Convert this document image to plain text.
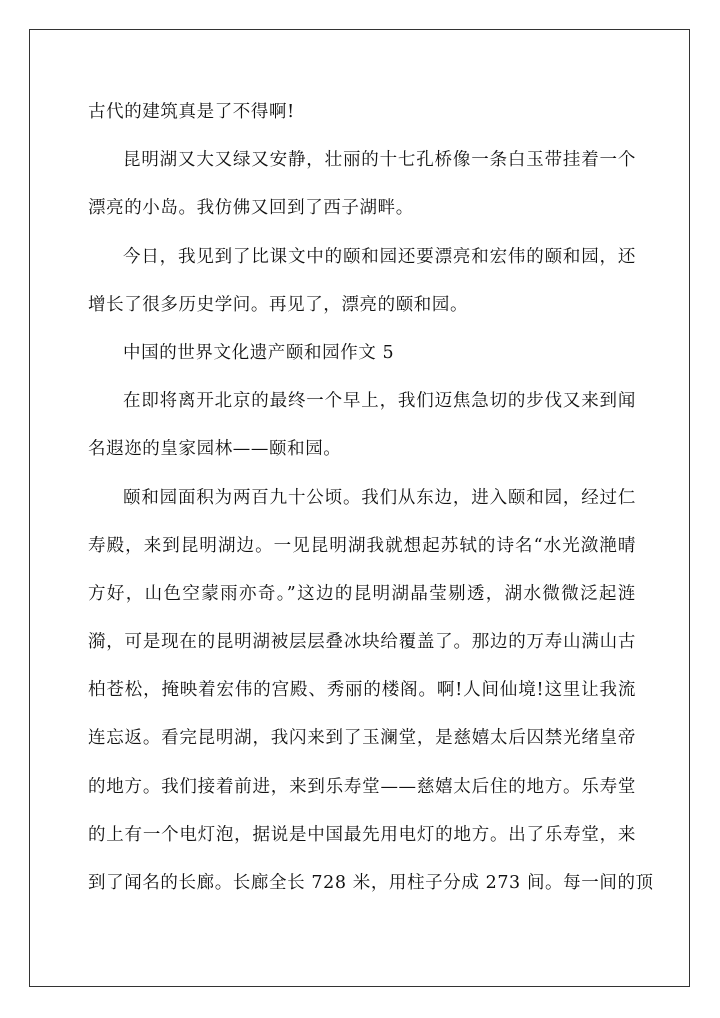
古代的建筑真是了不得啊!
昆明湖又大又绿又安静，壮丽的十七孔桥像一条白玉带挂着一个
漂亮的小岛。我仿佛又回到了西子湖畔。
今日，我见到了比课文中的颐和园还要漂亮和宏伟的颐和园，还
增长了很多历史学问。再见了，漂亮的颐和园。
中国的世界文化遗产颐和园作文 5
在即将离开北京的最终一个早上，我们迈焦急切的步伐又来到闻
名遐迩的皇家园林——颐和园。
颐和园面积为两百九十公顷。我们从东边，进入颐和园，经过仁
寿殿，来到昆明湖边。一见昆明湖我就想起苏轼的诗名“水光潋滟晴
方好，山色空蒙雨亦奇。”这边的昆明湖晶莹剔透，湖水微微泛起涟
漪，可是现在的昆明湖被层层叠冰块给覆盖了。那边的万寿山满山古
柏苍松，掩映着宏伟的宫殿、秀丽的楼阁。啊!人间仙境!这里让我流
连忘返。看完昆明湖，我闪来到了玉澜堂，是慈嬉太后囚禁光绪皇帝
的地方。我们接着前进，来到乐寿堂——慈嬉太后住的地方。乐寿堂
的上有一个电灯泡，据说是中国最先用电灯的地方。出了乐寿堂，来
到了闻名的长廊。长廊全长 728 米，用柱子分成 273 间。每一间的顶
